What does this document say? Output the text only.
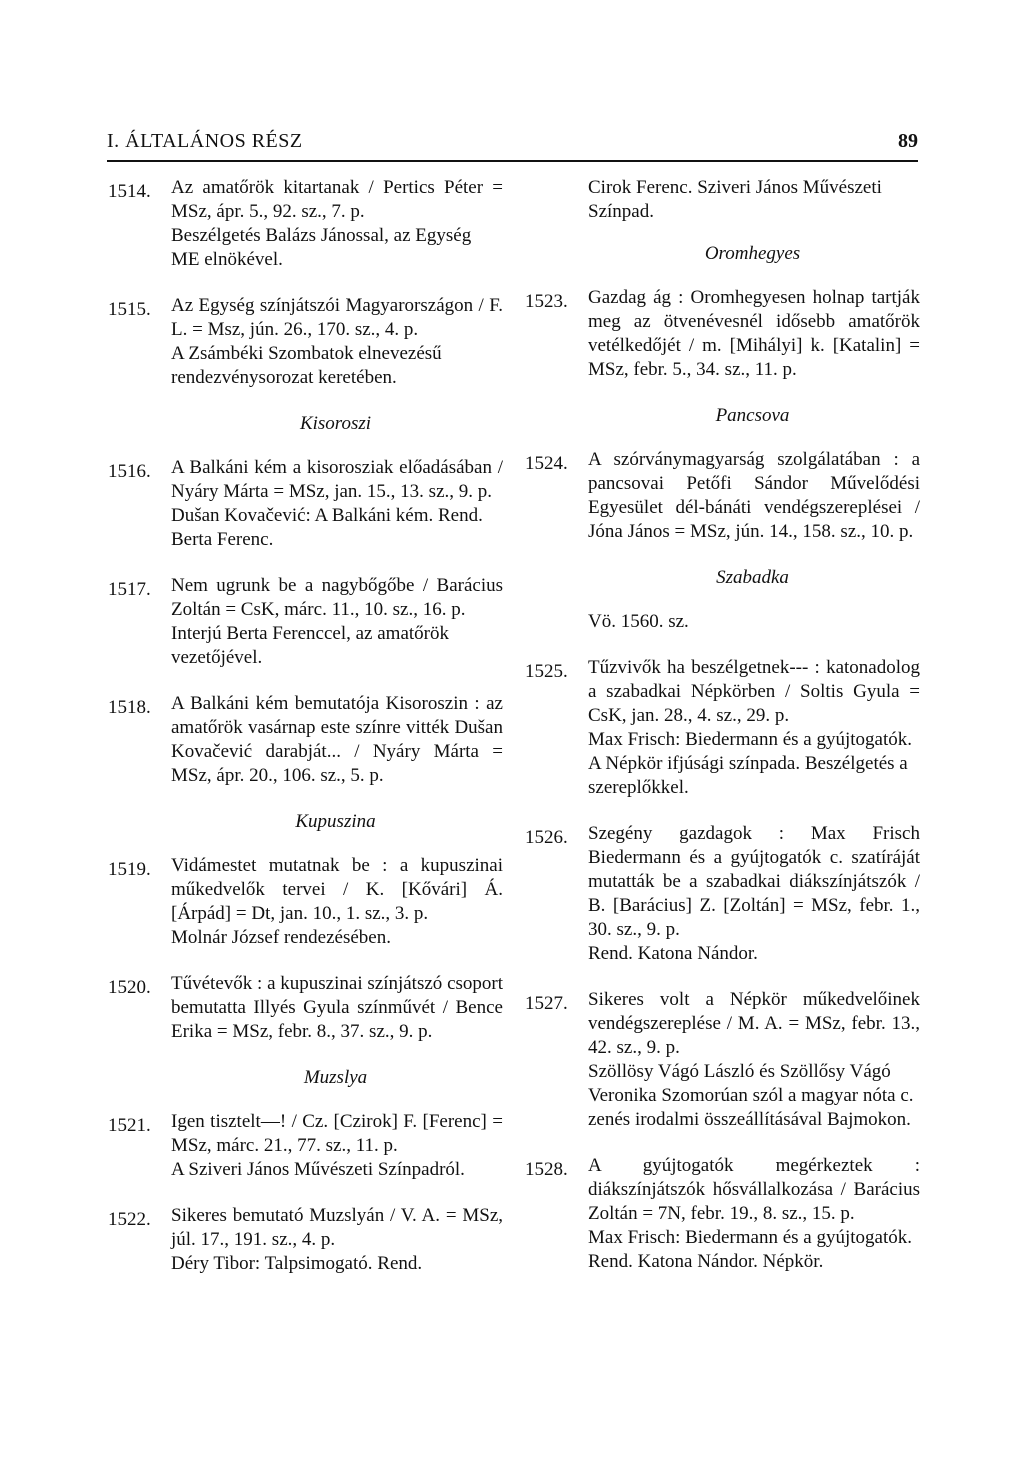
I. ÁLTALÁNOS RÉSZ	89
1514. Az amatőrök kitartanak / Pertics Péter = MSz, ápr. 5., 92. sz., 7. p.

Beszélgetés Balázs Jánossal, az Egység ME elnökével.

1515. Az Egység színjátszói Magyarországon / F. L. = Msz, jún. 26., 170. sz., 4. p.

A Zsámbéki Szombatok elnevezésű rendezvénysorozat keretében.

Kisoroszi
1516. A Balkáni kém a kisorosziak előadásában / Nyáry Márta = MSz, jan. 15., 13. sz., 9. p.

Dušan Kovačević: A Balkáni kém. Rend. Berta Ferenc.

1517. Nem ugrunk be a nagybőgőbe / Barácius Zoltán = CsK, márc. 11., 10. sz., 16. p.

Interjú Berta Ferenccel, az amatőrök vezetőjével.

1518. A Balkáni kém bemutatója Kisoroszin : az amatőrök vasárnap este színre vitték Dušan Kovačević darabját... / Nyáry Márta = MSz, ápr. 20., 106. sz., 5. p.

Kupuszina
1519. Vidámestet mutatnak be : a kupuszinai műkedvelők tervei / K. [Kővári] Á. [Árpád] = Dt, jan. 10., 1. sz., 3. p.

Molnár József rendezésében.

1520. Tűvétevők : a kupuszinai színjátszó csoport bemutatta Illyés Gyula színművét / Bence Erika = MSz, febr. 8., 37. sz., 9. p.

Muzslya
1521. Igen tisztelt—! / Cz. [Czirok] F. [Ferenc] = MSz, márc. 21., 77. sz., 11. p.

A Sziveri János Művészeti Színpadról.

1522. Sikeres bemutató Muzslyán / V. A. = MSz, júl. 17., 191. sz., 4. p.

Déry Tibor: Talpsimogató. Rend.

Cirok Ferenc. Sziveri János Művészeti Színpad.

Oromhegyes
1523. Gazdag ág : Oromhegyesen holnap tartják meg az ötvenévesnél idősebb amatőrök vetélkedőjét / m. [Mihályi] k. [Katalin] = MSz, febr. 5., 34. sz., 11. p.

Pancsova
1524. A szórványmagyarság szolgálatában : a pancsovai Petőfi Sándor Művelődési Egyesület dél-bánáti vendégszereplései / Jóna János = MSz, jún. 14., 158. sz., 10. p.

Szabadka
Vö. 1560. sz.
1525. Tűzvivők ha beszélgetnek--- : katonadolog a szabadkai Népkörben / Soltis Gyula = CsK, jan. 28., 4. sz., 29. p.

Max Frisch: Biedermann és a gyújtogatók. A Népkör ifjúsági színpada. Beszélgetés a szereplőkkel.

1526. Szegény gazdagok : Max Frisch Biedermann és a gyújtogatók c. szatíráját mutatták be a szabadkai diákszínjátszók / B. [Barácius] Z. [Zoltán] = MSz, febr. 1., 30. sz., 9. p.

Rend. Katona Nándor.

1527. Sikeres volt a Népkör műkedvelőinek vendégszereplése / M. A. = MSz, febr. 13., 42. sz., 9. p.

Szöllösy Vágó László és Szöllősy Vágó Veronika Szomorúan szól a magyar nóta c. zenés irodalmi összeállításával Bajmokon.

1528. A gyújtogatók megérkeztek : diákszínjátszók hősvállalkozása / Barácius Zoltán = 7N, febr. 19., 8. sz., 15. p.

Max Frisch: Biedermann és a gyújtogatók. Rend. Katona Nándor. Népkör.
